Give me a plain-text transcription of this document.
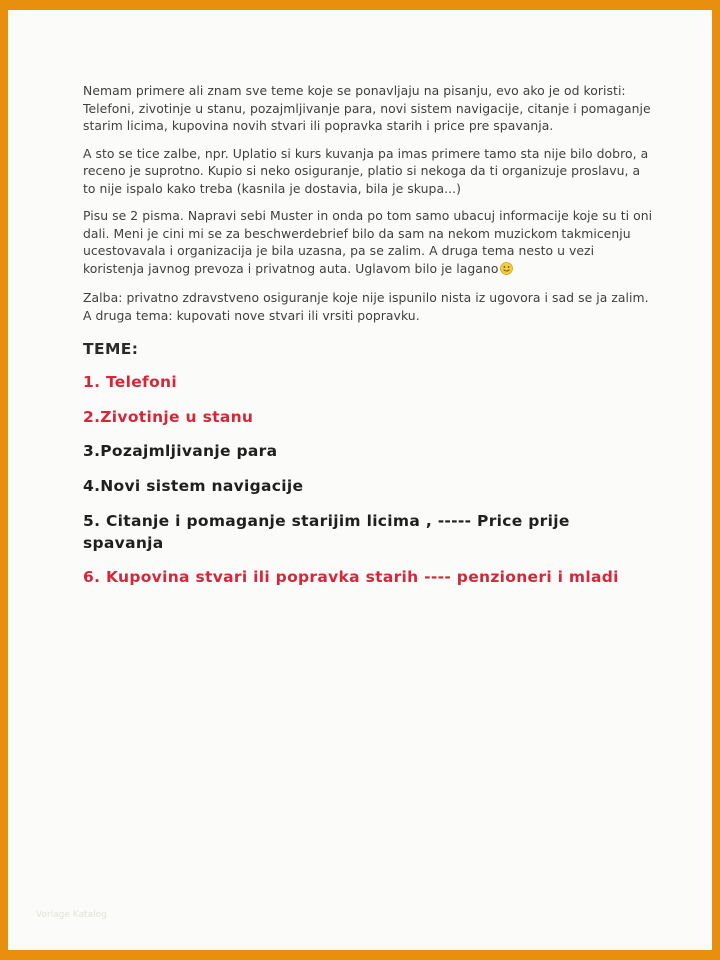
Nemam primere ali znam sve teme koje se ponavljaju na pisanju, evo ako je od koristi: Telefoni, zivotinje u stanu, pozajmljivanje para, novi sistem navigacije, citanje i pomaganje starim licima, kupovina novih stvari ili popravka starih i price pre spavanja.

A sto se tice zalbe, npr. Uplatio si kurs kuvanja pa imas primere tamo sta nije bilo dobro, a receno je suprotno. Kupio si neko osiguranje, platio si nekoga da ti organizuje proslavu, a to nije ispalo kako treba (kasnila je dostavia, bila je skupa...)

Pisu se 2 pisma. Napravi sebi Muster in onda po tom samo ubacuj informacije koje su ti oni dali. Meni je cini mi se za beschwerdebrief bilo da sam na nekom muzickom takmicenju ucestovavala i organizacija je bila uzasna, pa se zalim. A druga tema nesto u vezi koristenja javnog prevoza i privatnog auta. Uglavom bilo je lagano

Zalba: privatno zdravstveno osiguranje koje nije ispunilo nista iz ugovora i sad se ja zalim. A druga tema: kupovati nove stvari ili vrsiti popravku.

TEME:

1. Telefoni

2.Zivotinje u stanu

3.Pozajmljivanje para

4.Novi sistem navigacije

5. Citanje i pomaganje starijim licima , ----- Price prije spavanja

6. Kupovina stvari ili popravka starih ---- penzioneri i mladi

Vorlage Katalog
